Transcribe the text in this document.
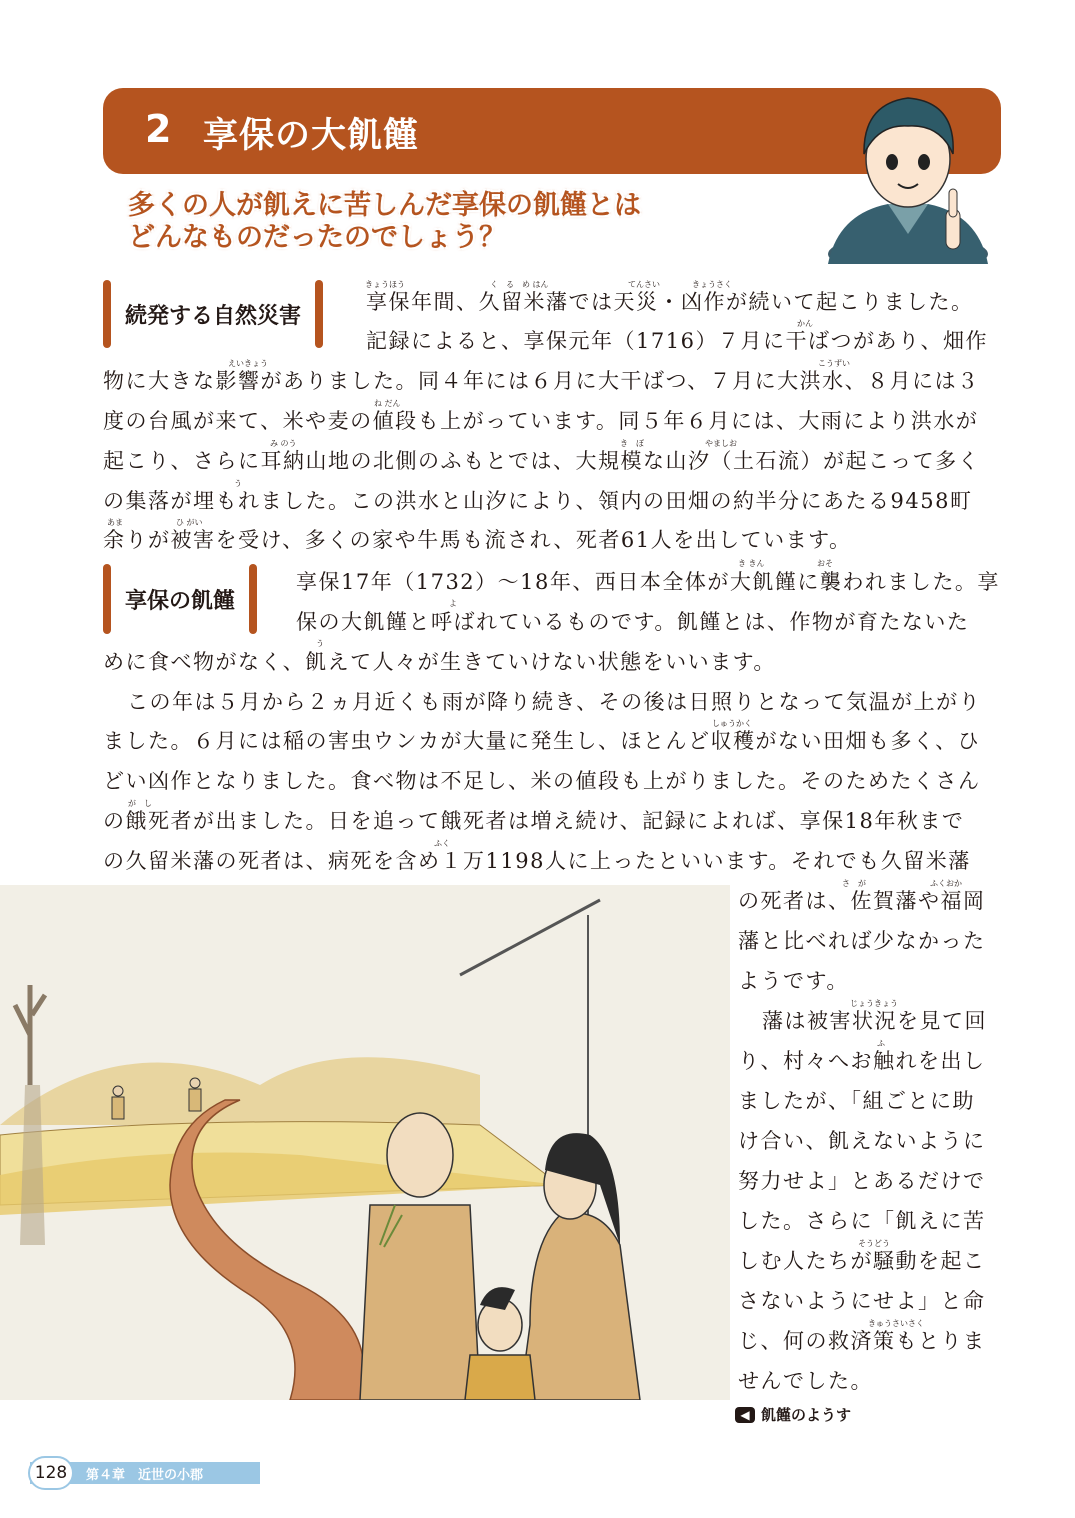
2 享保の大飢饉
多くの人が飢えに苦しんだ享保の飢饉とは
どんなものだったのでしょう？
続発する自然災害
きょうほう	く　る　め はん	てんさい	きょうさく
かん
えいきょう	こうずい
ね だん
み のう	き　ぼ	やましお
う
あま	ひ がい
享保年間、久留米藩では天災・凶作が続いて起こりました。
記録によると、享保元年（1716）７月に干ばつがあり、畑作
物に大きな影響がありました。同４年には６月に大干ばつ、７月に大洪水、８月には３
度の台風が来て、米や麦の値段も上がっています。同５年６月には、大雨により洪水が
起こり、さらに耳納山地の北側のふもとでは、大規模な山汐（土石流）が起こって多く
の集落が埋もれました。この洪水と山汐により、領内の田畑の約半分にあたる9458町
余りが被害を受け、多くの家や牛馬も流され、死者61人を出しています。
享保の飢饉
き きん	おそ
よ
う
しゅうかく
が　し
ふく
さ　が	ふくおか
じょうきょう
ふ
そうどう
きゅうさいさく
享保17年（1732）〜18年、西日本全体が大飢饉に襲われました。享
保の大飢饉と呼ばれているものです。飢饉とは、作物が育たないた
めに食べ物がなく、飢えて人々が生きていけない状態をいいます。
この年は５月から２ヵ月近くも雨が降り続き、その後は日照りとなって気温が上がり
ました。６月には稲の害虫ウンカが大量に発生し、ほとんど収穫がない田畑も多く、ひ
どい凶作となりました。食べ物は不足し、米の値段も上がりました。そのためたくさん
の餓死者が出ました。日を追って餓死者は増え続け、記録によれば、享保18年秋まで
の久留米藩の死者は、病死を含め１万1198人に上ったといいます。それでも久留米藩
の死者は、佐賀藩や福岡
藩と比べれば少なかった
ようです。
藩は被害状況を見て回
り、村々へお触れを出し
ましたが、「組ごとに助
け合い、飢えないように
努力せよ」とあるだけで
した。さらに「飢えに苦
しむ人たちが騒動を起こ
さないようにせよ」と命
じ、何の救済策もとりま
せんでした。
◀ 飢饉のようす
128	第４章　近世の小郡
